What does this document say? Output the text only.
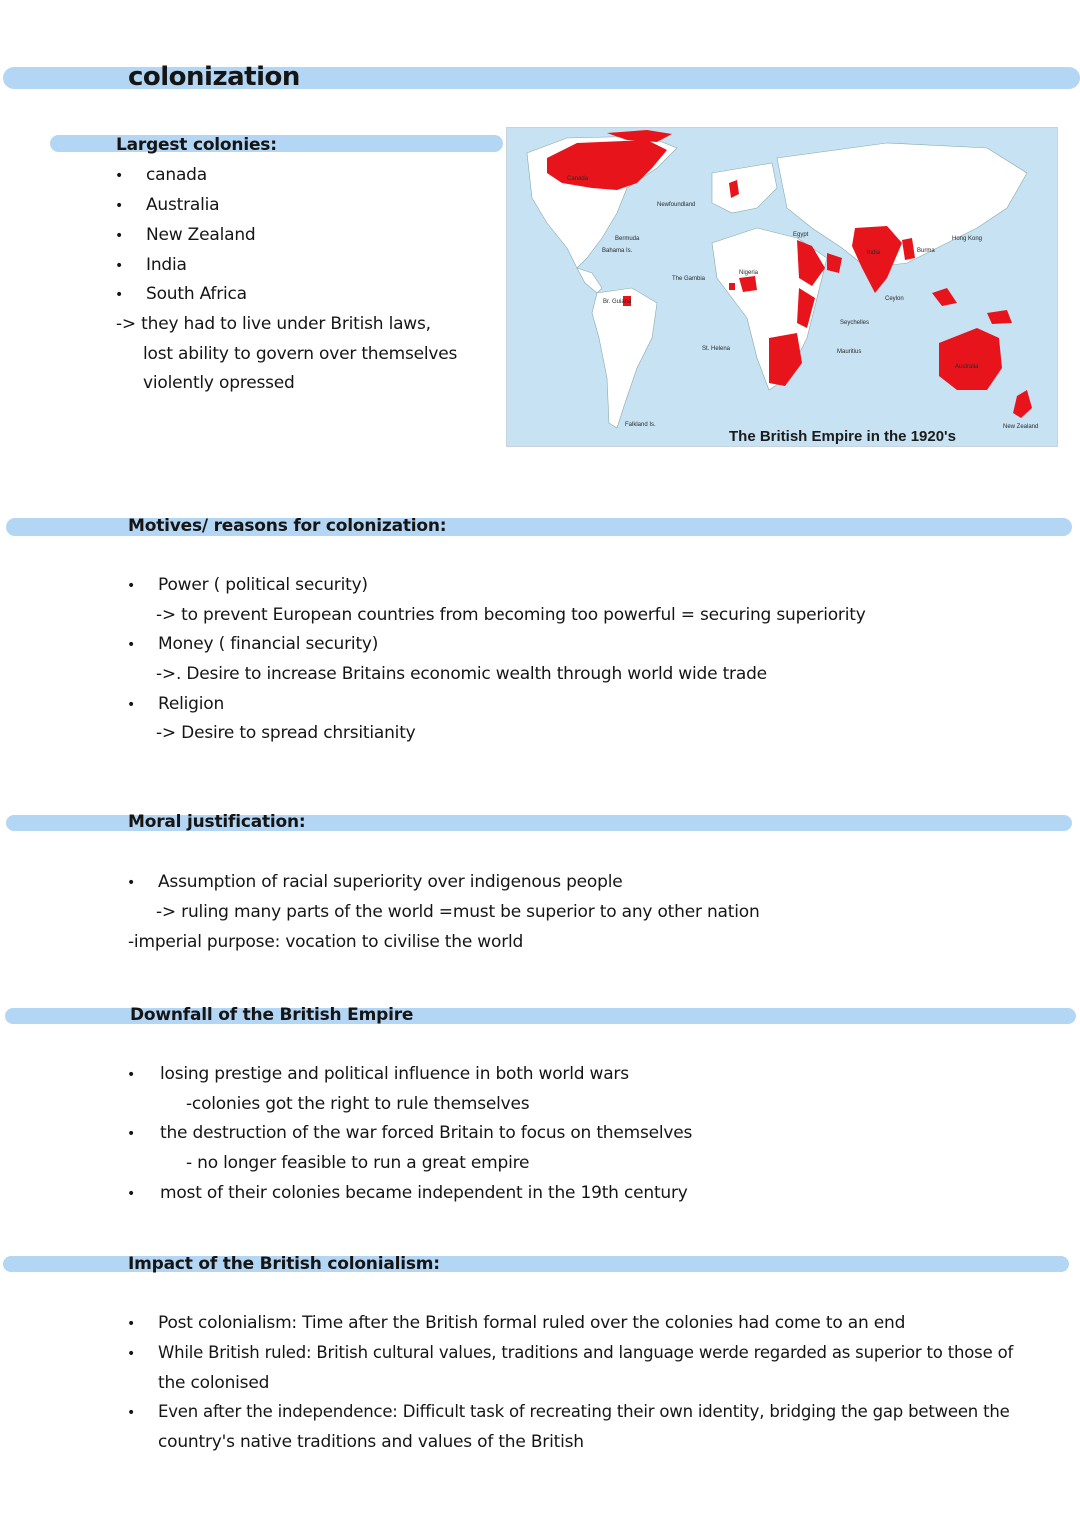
colonization
Largest colonies:
• canada
• Australia
• New Zealand
• India
• South Africa
-> they had to live under British laws,
lost ability to govern over themselves
violently opressed
Canada
Newfoundland
Bermuda
Bahama Is.
Br. Guiana
The Gambia
Nigeria
Egypt
India
Ceylon
Burma
Australia
New Zealand
St. Helena	Mauritius
Seychelles
Falkland Is.
Hong Kong
The British Empire in the 1920's
Motives/ reasons for colonization:
• Power ( political security)
-> to prevent European countries from becoming too powerful = securing superiority
• Money ( financial security)
->. Desire to increase Britains economic wealth through world wide trade
• Religion
-> Desire to spread chrsitianity
Moral justification:
• Assumption of racial superiority over indigenous people
-> ruling many parts of the world =must be superior to any other nation
-imperial purpose: vocation to civilise the world
Downfall of the British Empire
• losing prestige and political influence in both world wars
-colonies got the right to rule themselves
• the destruction of the war forced Britain to focus on themselves
- no longer feasible to run a great empire
• most of their colonies became independent in the 19th century
Impact of the British colonialism:
• Post colonialism: Time after the British formal ruled over the colonies had come to an end
• While British ruled: British cultural values, traditions and language werde regarded as superior to those of
the colonised
• Even after the independence: Difficult task of recreating their own identity, bridging the gap between the
country's native traditions and values of the British
